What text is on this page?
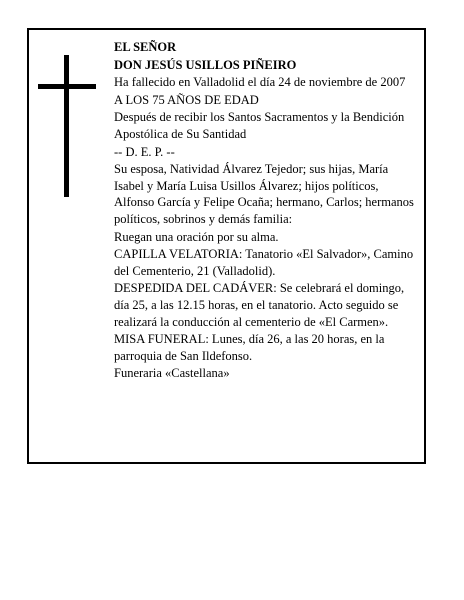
EL SEÑOR

DON JESÚS USILLOS PIÑEIRO

Ha fallecido en Valladolid el día 24 de noviembre de 2007

A LOS 75 AÑOS DE EDAD

Después de recibir los Santos Sacramentos y la Bendición Apostólica de Su Santidad

-- D. E. P. --

Su esposa, Natividad Álvarez Tejedor; sus hijas, María Isabel y María Luisa Usillos Álvarez; hijos políticos, Alfonso García y Felipe Ocaña; hermano, Carlos; hermanos políticos, sobrinos y demás familia:

Ruegan una oración por su alma.

CAPILLA VELATORIA: Tanatorio «El Salvador», Camino del Cementerio, 21 (Valladolid).

DESPEDIDA DEL CADÁVER: Se celebrará el domingo, día 25, a las 12.15 horas, en el tanatorio. Acto seguido se realizará la conducción al cementerio de «El Carmen».

MISA FUNERAL: Lunes, día 26, a las 20 horas, en la parroquia de San Ildefonso.

Funeraria «Castellana»
